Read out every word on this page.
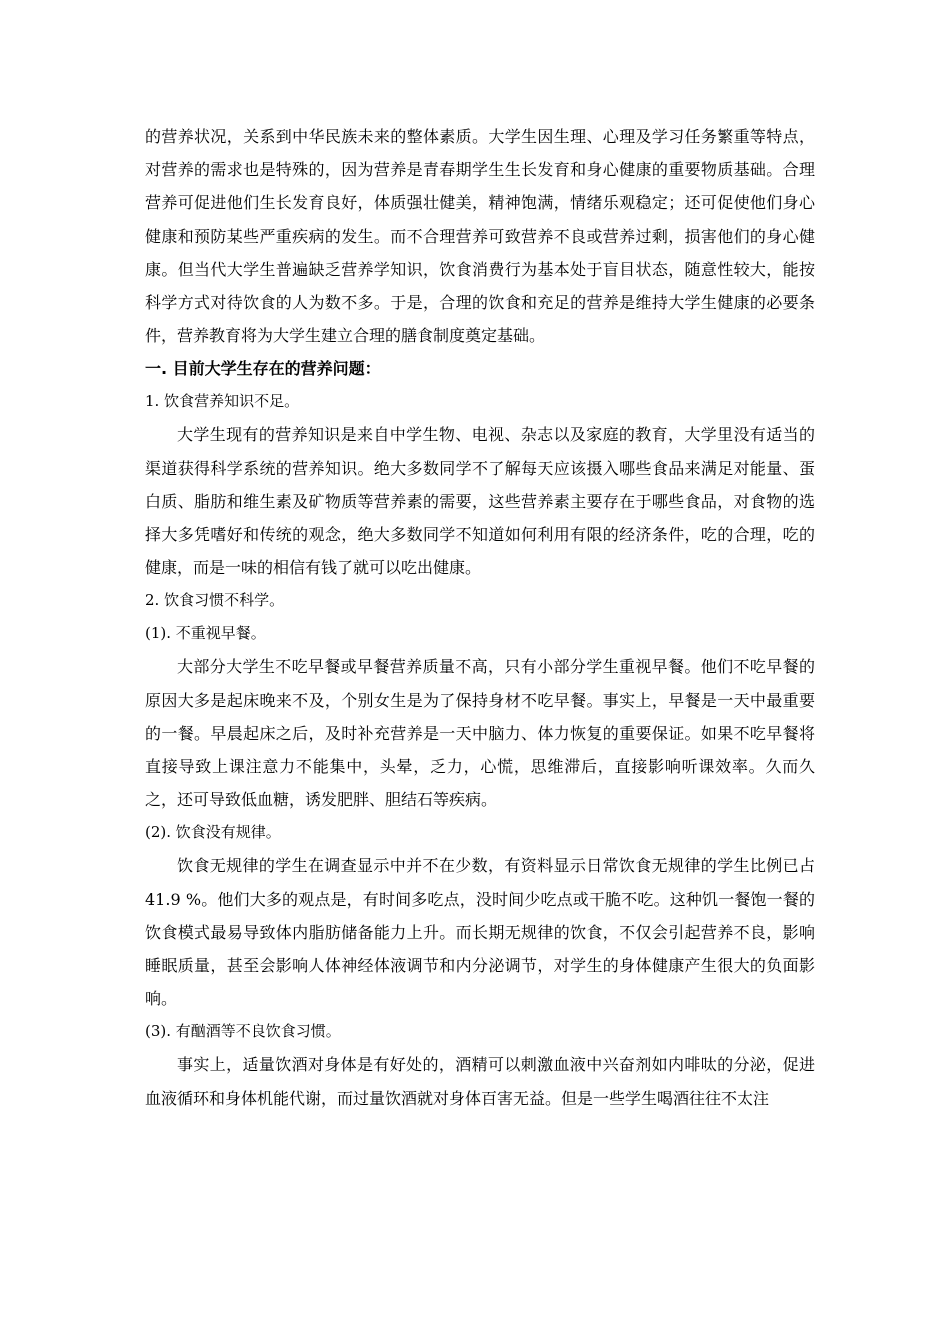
的营养状况，关系到中华民族未来的整体素质。大学生因生理、心理及学习任务繁重等特点，对营养的需求也是特殊的，因为营养是青春期学生生长发育和身心健康的重要物质基础。合理营养可促进他们生长发育良好，体质强壮健美，精神饱满，情绪乐观稳定；还可促使他们身心健康和预防某些严重疾病的发生。而不合理营养可致营养不良或营养过剩，损害他们的身心健康。但当代大学生普遍缺乏营养学知识，饮食消费行为基本处于盲目状态，随意性较大，能按科学方式对待饮食的人为数不多。于是，合理的饮食和充足的营养是维持大学生健康的必要条件，营养教育将为大学生建立合理的膳食制度奠定基础。

一. 目前大学生存在的营养问题：

1. 饮食营养知识不足。

大学生现有的营养知识是来自中学生物、电视、杂志以及家庭的教育，大学里没有适当的渠道获得科学系统的营养知识。绝大多数同学不了解每天应该摄入哪些食品来满足对能量、蛋白质、脂肪和维生素及矿物质等营养素的需要，这些营养素主要存在于哪些食品，对食物的选择大多凭嗜好和传统的观念，绝大多数同学不知道如何利用有限的经济条件，吃的合理，吃的健康，而是一味的相信有钱了就可以吃出健康。

2. 饮食习惯不科学。

(1). 不重视早餐。

大部分大学生不吃早餐或早餐营养质量不高，只有小部分学生重视早餐。他们不吃早餐的原因大多是起床晚来不及，个别女生是为了保持身材不吃早餐。事实上，早餐是一天中最重要的一餐。早晨起床之后，及时补充营养是一天中脑力、体力恢复的重要保证。如果不吃早餐将直接导致上课注意力不能集中，头晕，乏力，心慌，思维滞后，直接影响听课效率。久而久之，还可导致低血糖，诱发肥胖、胆结石等疾病。

(2). 饮食没有规律。

饮食无规律的学生在调查显示中并不在少数，有资料显示日常饮食无规律的学生比例已占 41.9 %。他们大多的观点是，有时间多吃点，没时间少吃点或干脆不吃。这种饥一餐饱一餐的饮食模式最易导致体内脂肪储备能力上升。而长期无规律的饮食，不仅会引起营养不良，影响睡眠质量，甚至会影响人体神经体液调节和内分泌调节，对学生的身体健康产生很大的负面影响。

(3). 有酗酒等不良饮食习惯。

事实上，适量饮酒对身体是有好处的，酒精可以刺激血液中兴奋剂如内啡呔的分泌，促进血液循环和身体机能代谢，而过量饮酒就对身体百害无益。但是一些学生喝酒往往不太注
